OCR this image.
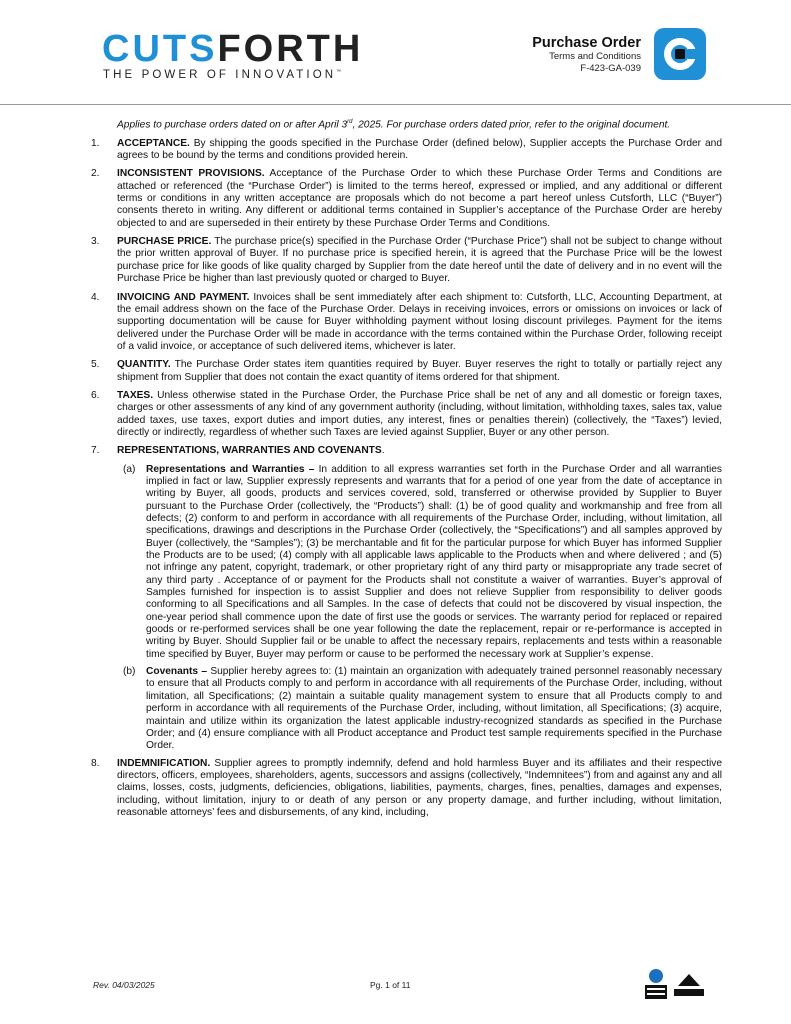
CUTSFORTH
THE POWER OF INNOVATION™
Purchase Order
Terms and Conditions
F-423-GA-039
Applies to purchase orders dated on or after April 3rd, 2025. For purchase orders dated prior, refer to the original document.
1. ACCEPTANCE. By shipping the goods specified in the Purchase Order (defined below), Supplier accepts the Purchase Order and agrees to be bound by the terms and conditions provided herein.
2. INCONSISTENT PROVISIONS. Acceptance of the Purchase Order to which these Purchase Order Terms and Conditions are attached or referenced (the “Purchase Order”) is limited to the terms hereof, expressed or implied, and any additional or different terms or conditions in any written acceptance are proposals which do not become a part hereof unless Cutsforth, LLC (“Buyer”) consents thereto in writing. Any different or additional terms contained in Supplier’s acceptance of the Purchase Order are hereby objected to and are superseded in their entirety by these Purchase Order Terms and Conditions.
3. PURCHASE PRICE. The purchase price(s) specified in the Purchase Order (“Purchase Price”) shall not be subject to change without the prior written approval of Buyer. If no purchase price is specified herein, it is agreed that the Purchase Price will be the lowest purchase price for like goods of like quality charged by Supplier from the date hereof until the date of delivery and in no event will the Purchase Price be higher than last previously quoted or charged to Buyer.
4. INVOICING AND PAYMENT. Invoices shall be sent immediately after each shipment to: Cutsforth, LLC, Accounting Department, at the email address shown on the face of the Purchase Order. Delays in receiving invoices, errors or omissions on invoices or lack of supporting documentation will be cause for Buyer withholding payment without losing discount privileges. Payment for the items delivered under the Purchase Order will be made in accordance with the terms contained within the Purchase Order, following receipt of a valid invoice, or acceptance of such delivered items, whichever is later.
5. QUANTITY. The Purchase Order states item quantities required by Buyer. Buyer reserves the right to totally or partially reject any shipment from Supplier that does not contain the exact quantity of items ordered for that shipment.
6. TAXES. Unless otherwise stated in the Purchase Order, the Purchase Price shall be net of any and all domestic or foreign taxes, charges or other assessments of any kind of any government authority (including, without limitation, withholding taxes, sales tax, value added taxes, use taxes, export duties and import duties, any interest, fines or penalties therein) (collectively, the “Taxes”) levied, directly or indirectly, regardless of whether such Taxes are levied against Supplier, Buyer or any other person.
7. REPRESENTATIONS, WARRANTIES AND COVENANTS.
(a) Representations and Warranties – In addition to all express warranties set forth in the Purchase Order and all warranties implied in fact or law, Supplier expressly represents and warrants that for a period of one year from the date of acceptance in writing by Buyer, all goods, products and services covered, sold, transferred or otherwise provided by Supplier to Buyer pursuant to the Purchase Order (collectively, the “Products”) shall: (1) be of good quality and workmanship and free from all defects; (2) conform to and perform in accordance with all requirements of the Purchase Order, including, without limitation, all specifications, drawings and descriptions in the Purchase Order (collectively, the “Specifications”) and all samples approved by Buyer (collectively, the “Samples”); (3) be merchantable and fit for the particular purpose for which Buyer has informed Supplier the Products are to be used; (4) comply with all applicable laws applicable to the Products when and where delivered ; and (5) not infringe any patent, copyright, trademark, or other proprietary right of any third party or misappropriate any trade secret of any third party . Acceptance of or payment for the Products shall not constitute a waiver of warranties. Buyer’s approval of Samples furnished for inspection is to assist Supplier and does not relieve Supplier from responsibility to deliver goods conforming to all Specifications and all Samples. In the case of defects that could not be discovered by visual inspection, the one-year period shall commence upon the date of first use the goods or services. The warranty period for replaced or repaired goods or re-performed services shall be one year following the date the replacement, repair or re-performance is accepted in writing by Buyer. Should Supplier fail or be unable to affect the necessary repairs, replacements and tests within a reasonable time specified by Buyer, Buyer may perform or cause to be performed the necessary work at Supplier’s expense.
(b) Covenants – Supplier hereby agrees to: (1) maintain an organization with adequately trained personnel reasonably necessary to ensure that all Products comply to and perform in accordance with all requirements of the Purchase Order, including, without limitation, all Specifications; (2) maintain a suitable quality management system to ensure that all Products comply to and perform in accordance with all requirements of the Purchase Order, including, without limitation, all Specifications; (3) acquire, maintain and utilize within its organization the latest applicable industry-recognized standards as specified in the Purchase Order; and (4) ensure compliance with all Product acceptance and Product test sample requirements specified in the Purchase Order.
8. INDEMNIFICATION. Supplier agrees to promptly indemnify, defend and hold harmless Buyer and its affiliates and their respective directors, officers, employees, shareholders, agents, successors and assigns (collectively, “Indemnitees”) from and against any and all claims, losses, costs, judgments, deficiencies, obligations, liabilities, payments, charges, fines, penalties, damages and expenses, including, without limitation, injury to or death of any person or any property damage, and further including, without limitation, reasonable attorneys’ fees and disbursements, of any kind, including,
Rev. 04/03/2025	Pg. 1 of 11
